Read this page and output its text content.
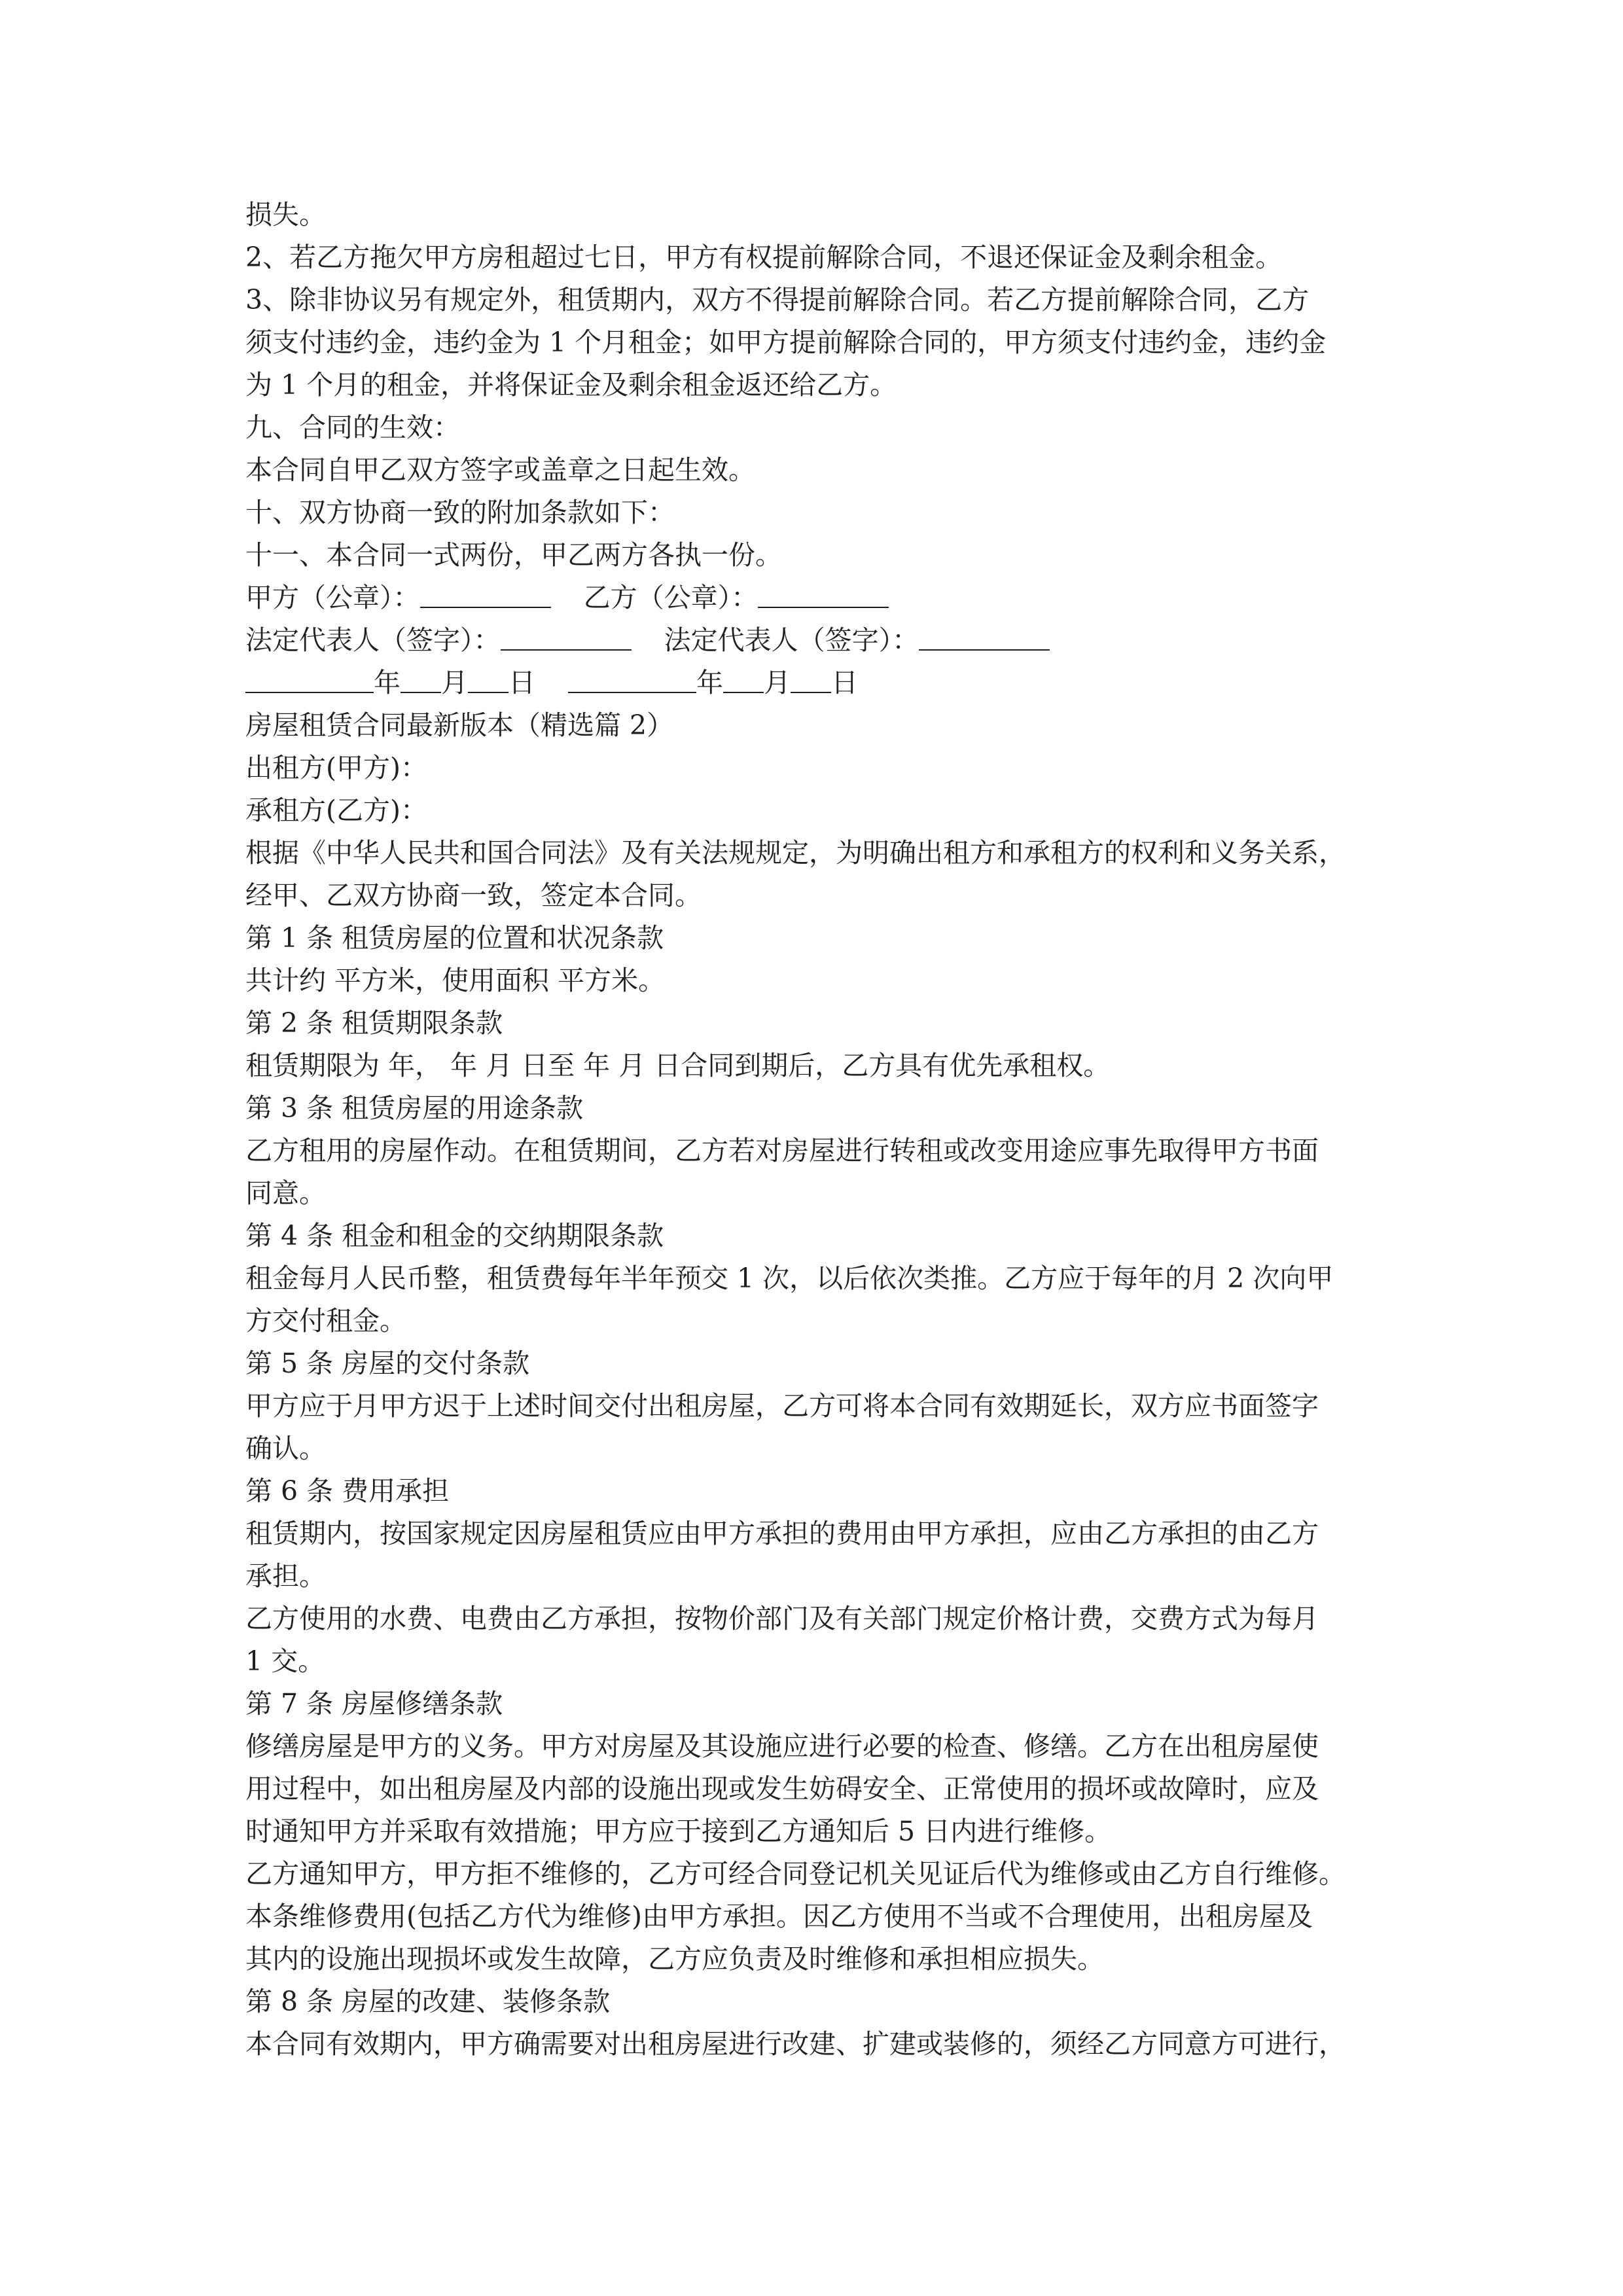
损失。
2、若乙方拖欠甲方房租超过七日，甲方有权提前解除合同，不退还保证金及剩余租金。
3、除非协议另有规定外，租赁期内，双方不得提前解除合同。若乙方提前解除合同，乙方
须支付违约金，违约金为 1 个月租金；如甲方提前解除合同的，甲方须支付违约金，违约金
为 1 个月的租金，并将保证金及剩余租金返还给乙方。
九、合同的生效：
本合同自甲乙双方签字或盖章之日起生效。
十、双方协商一致的附加条款如下：
十一、本合同一式两份，甲乙两方各执一份。
甲方（公章）：	乙方（公章）：
法定代表人（签字）：	法定代表人（签字）：
年 月 日	年 月 日
房屋租赁合同最新版本（精选篇 2）
出租方(甲方)：
承租方(乙方)：
根据《中华人民共和国合同法》及有关法规规定，为明确出租方和承租方的权利和义务关系，
经甲、乙双方协商一致，签定本合同。
第 1 条 租赁房屋的位置和状况条款
共计约 平方米，使用面积 平方米。
第 2 条 租赁期限条款
租赁期限为 年， 年 月 日至 年 月 日合同到期后，乙方具有优先承租权。
第 3 条 租赁房屋的用途条款
乙方租用的房屋作动。在租赁期间，乙方若对房屋进行转租或改变用途应事先取得甲方书面
同意。
第 4 条 租金和租金的交纳期限条款
租金每月人民币整，租赁费每年半年预交 1 次，以后依次类推。乙方应于每年的月 2 次向甲
方交付租金。
第 5 条 房屋的交付条款
甲方应于月甲方迟于上述时间交付出租房屋，乙方可将本合同有效期延长，双方应书面签字
确认。
第 6 条 费用承担
租赁期内，按国家规定因房屋租赁应由甲方承担的费用由甲方承担，应由乙方承担的由乙方
承担。
乙方使用的水费、电费由乙方承担，按物价部门及有关部门规定价格计费，交费方式为每月
1 交。
第 7 条 房屋修缮条款
修缮房屋是甲方的义务。甲方对房屋及其设施应进行必要的检查、修缮。乙方在出租房屋使
用过程中，如出租房屋及内部的设施出现或发生妨碍安全、正常使用的损坏或故障时，应及
时通知甲方并采取有效措施；甲方应于接到乙方通知后 5 日内进行维修。
乙方通知甲方，甲方拒不维修的，乙方可经合同登记机关见证后代为维修或由乙方自行维修。
本条维修费用(包括乙方代为维修)由甲方承担。因乙方使用不当或不合理使用，出租房屋及
其内的设施出现损坏或发生故障，乙方应负责及时维修和承担相应损失。
第 8 条 房屋的改建、装修条款
本合同有效期内，甲方确需要对出租房屋进行改建、扩建或装修的，须经乙方同意方可进行，
